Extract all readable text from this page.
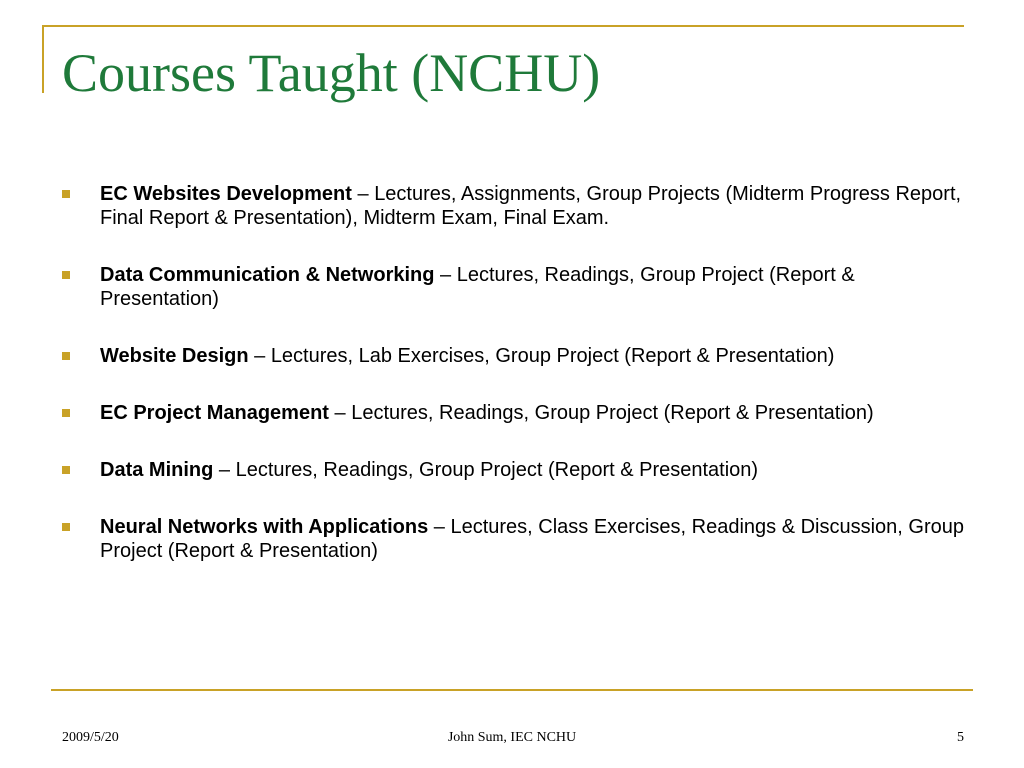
Courses Taught (NCHU)
EC Websites Development – Lectures, Assignments, Group Projects (Midterm Progress Report, Final Report & Presentation), Midterm Exam, Final Exam.
Data Communication & Networking – Lectures, Readings, Group Project (Report & Presentation)
Website Design – Lectures, Lab Exercises, Group Project (Report & Presentation)
EC Project Management – Lectures, Readings, Group Project (Report & Presentation)
Data Mining – Lectures, Readings, Group Project (Report & Presentation)
Neural Networks with Applications – Lectures, Class Exercises, Readings & Discussion, Group Project (Report & Presentation)
2009/5/20	John Sum, IEC NCHU	5
